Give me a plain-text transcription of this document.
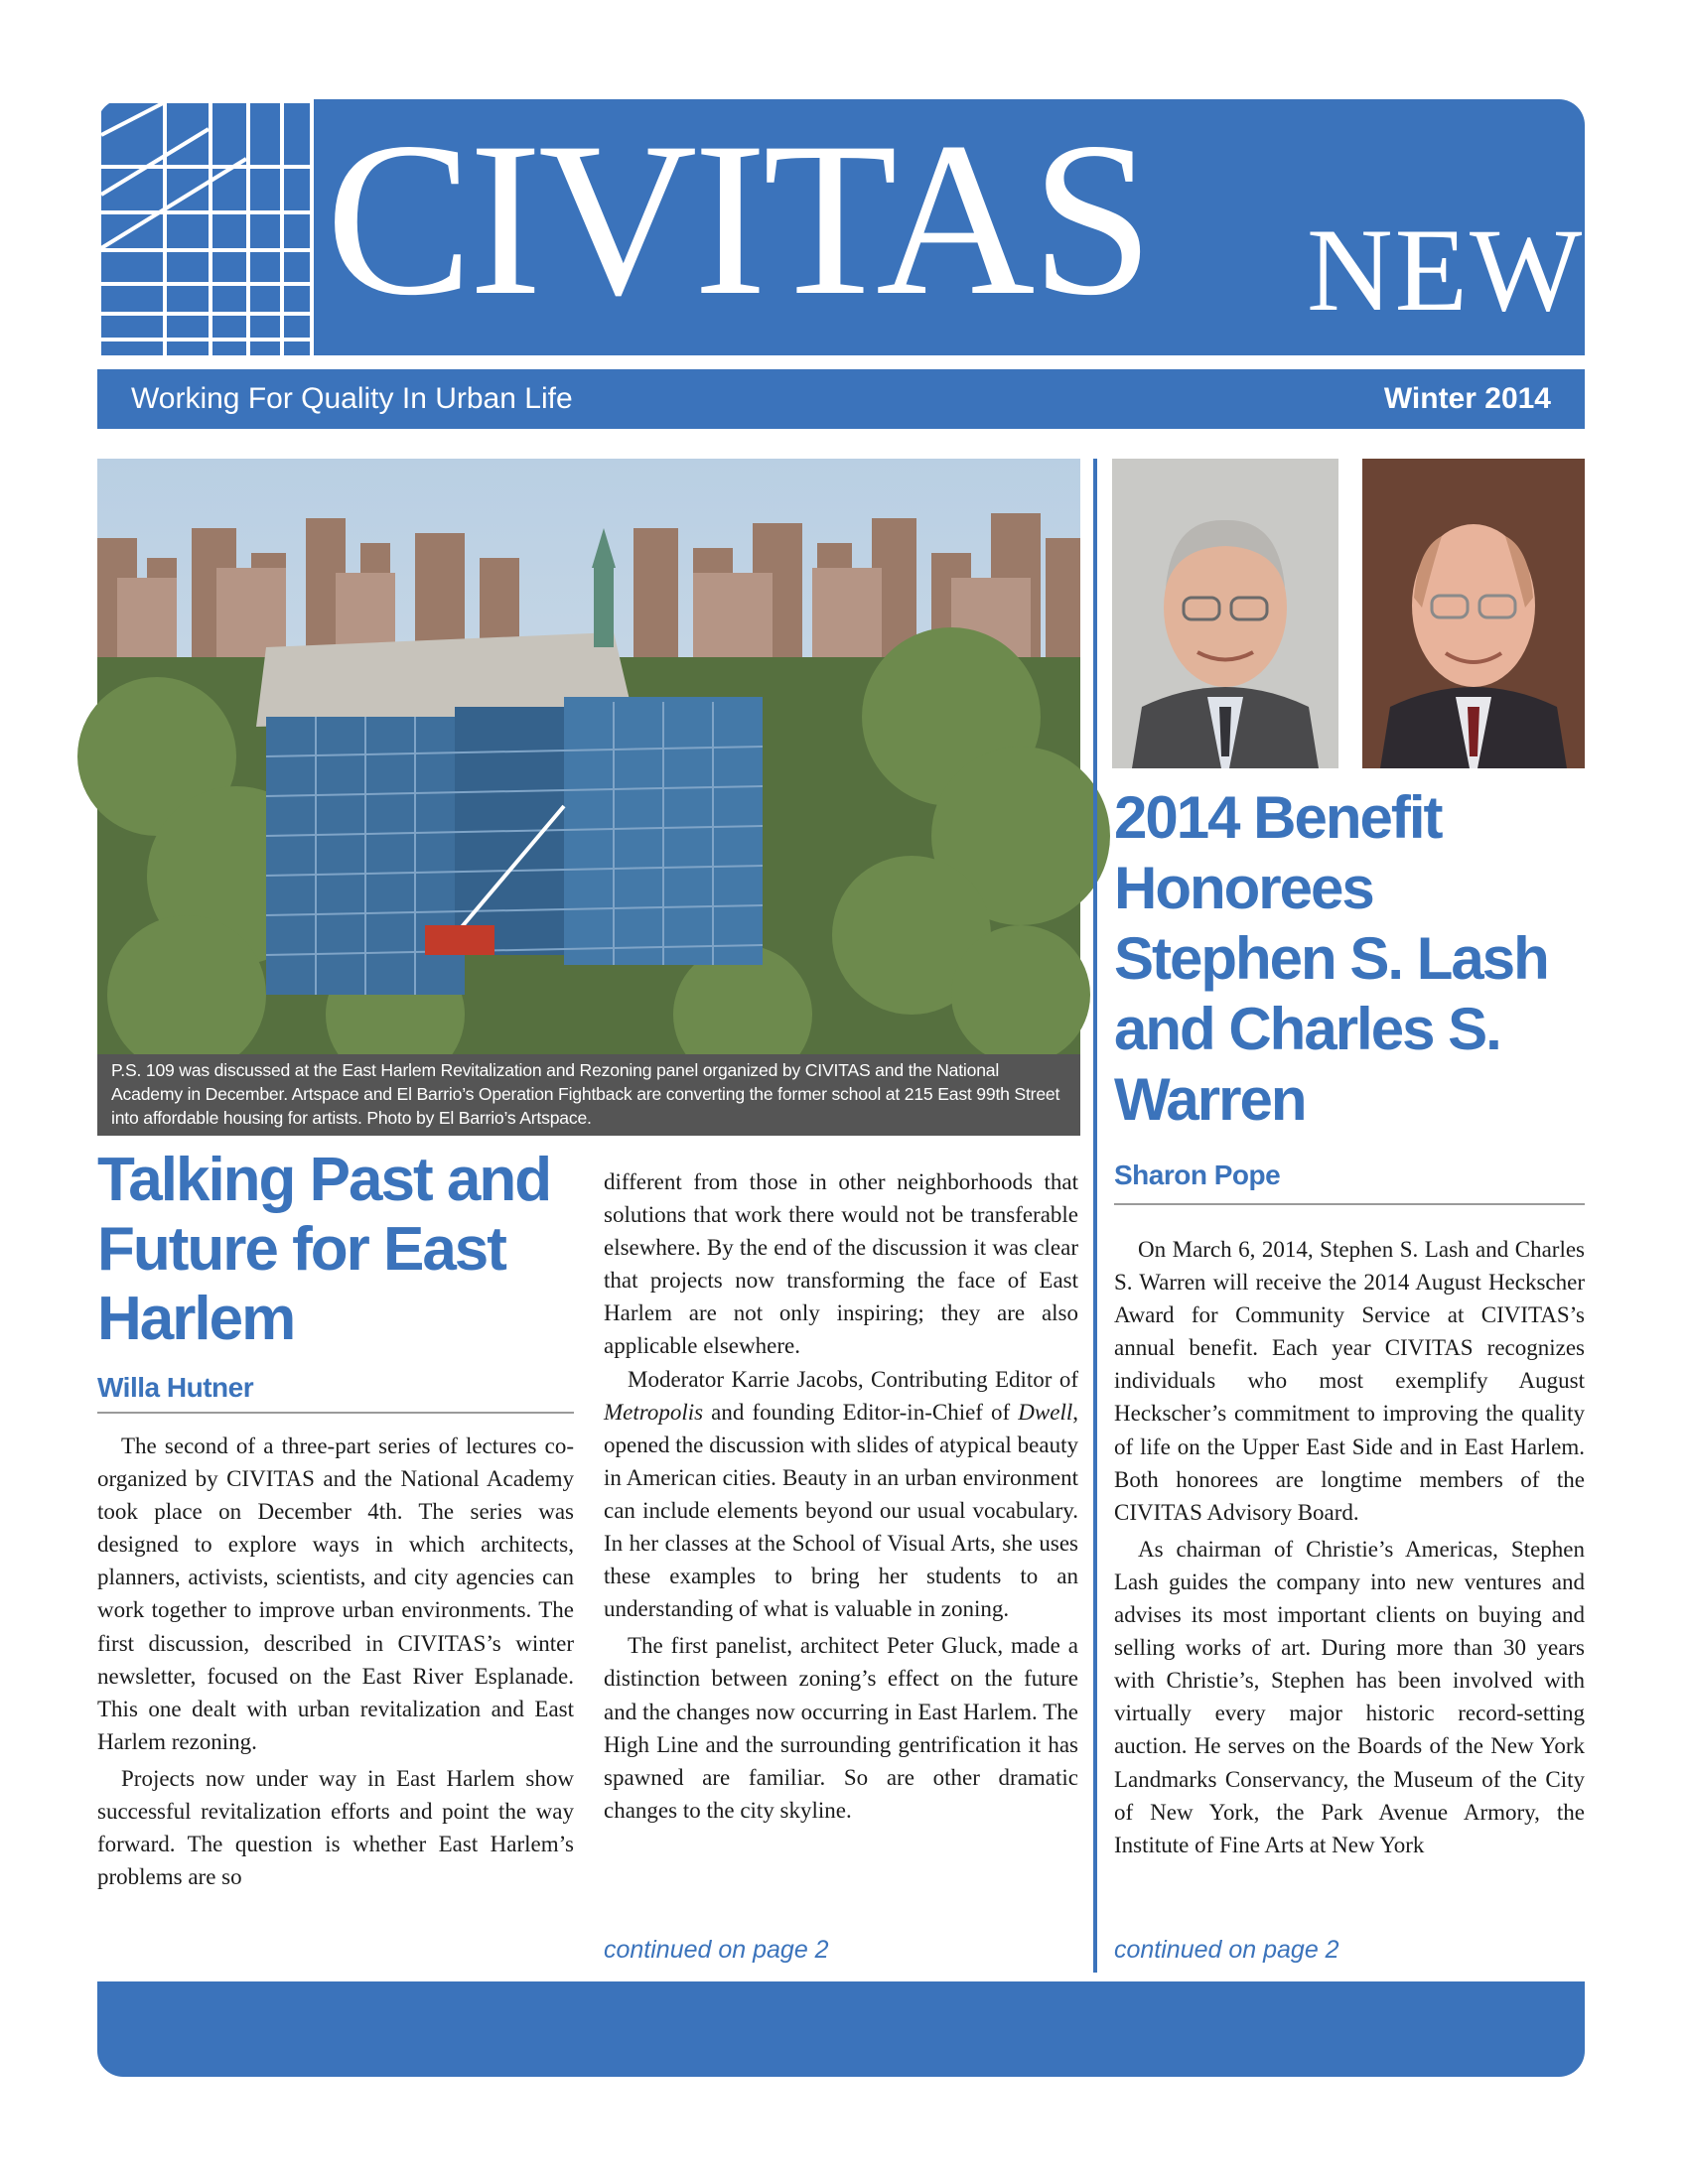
CIVITAS NEWS
Working For Quality In Urban Life	Winter 2014
P.S. 109 was discussed at the East Harlem Revitalization and Rezoning panel organized by CIVITAS and the National Academy in December. Artspace and El Barrio’s Operation Fightback are converting the former school at 215 East 99th Street into affordable housing for artists. Photo by El Barrio’s Artspace.
Talking Past and Future for East Harlem
Willa Hutner

The second of a three-part series of lectures co-organized by CIVITAS and the National Academy took place on December 4th. The series was designed to explore ways in which architects, planners, activists, scientists, and city agencies can work together to improve urban environments. The first discussion, described in CIVITAS’s winter newsletter, focused on the East River Esplanade. This one dealt with urban revitalization and East Harlem rezoning.

Projects now under way in East Harlem show successful revitalization efforts and point the way forward. The question is whether East Harlem’s problems are so

different from those in other neighborhoods that solutions that work there would not be transferable elsewhere. By the end of the discussion it was clear that projects now transforming the face of East Harlem are not only inspiring; they are also applicable elsewhere.

Moderator Karrie Jacobs, Contributing Editor of Metropolis and founding Editor-in-Chief of Dwell, opened the discussion with slides of atypical beauty in American cities. Beauty in an urban environment can include elements beyond our usual vocabulary. In her classes at the School of Visual Arts, she uses these examples to bring her students to an understanding of what is valuable in zoning.

The first panelist, architect Peter Gluck, made a distinction between zoning’s effect on the future and the changes now occurring in East Harlem. The High Line and the surrounding gentrification it has spawned are familiar. So are other dramatic changes to the city skyline.

continued on page 2
2014 Benefit Honorees Stephen S. Lash and Charles S. Warren
Sharon Pope

On March 6, 2014, Stephen S. Lash and Charles S. Warren will receive the 2014 August Heckscher Award for Community Service at CIVITAS’s annual benefit. Each year CIVITAS recognizes individuals who most exemplify August Heckscher’s commitment to improving the quality of life on the Upper East Side and in East Harlem. Both honorees are longtime members of the CIVITAS Advisory Board.

As chairman of Christie’s Americas, Stephen Lash guides the company into new ventures and advises its most important clients on buying and selling works of art. During more than 30 years with Christie’s, Stephen has been involved with virtually every major historic record-setting auction. He serves on the Boards of the New York Landmarks Conservancy, the Museum of the City of New York, the Park Avenue Armory, the Institute of Fine Arts at New York

continued on page 2
